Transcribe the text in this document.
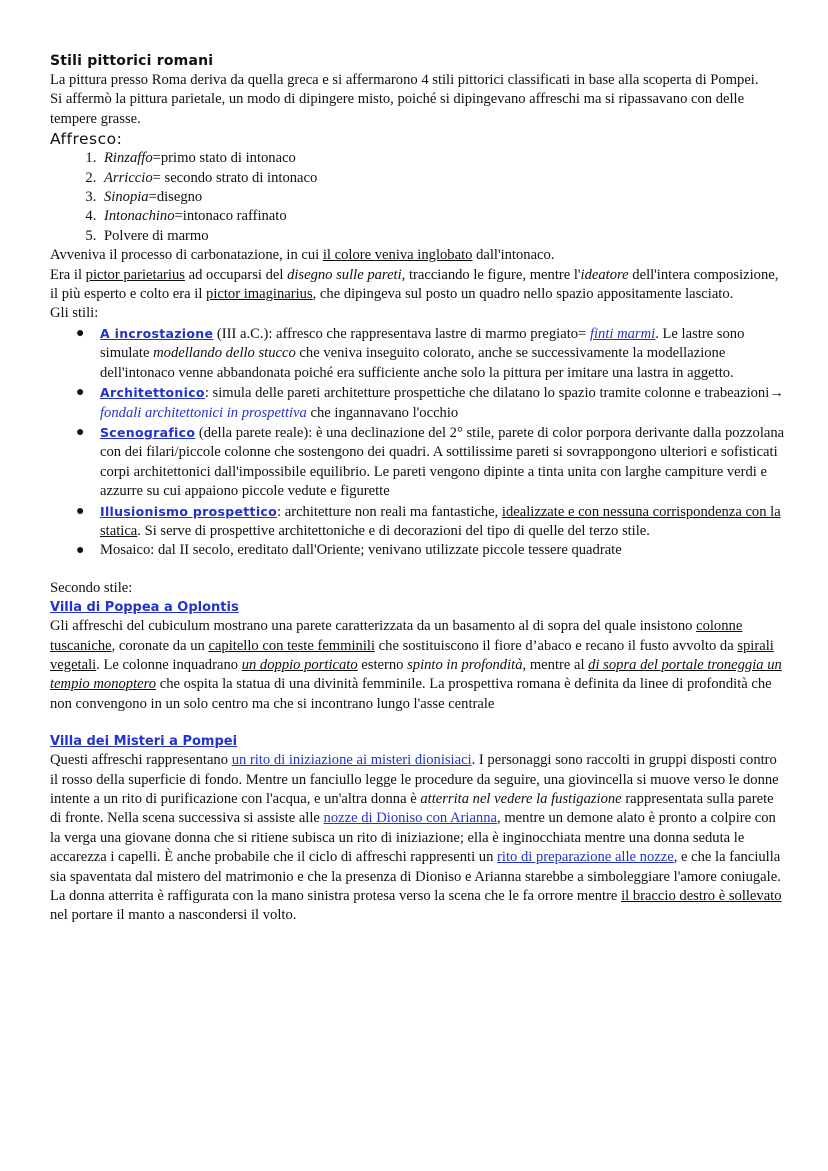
Stili pittorici romani

La pittura presso Roma deriva da quella greca e si affermarono 4 stili pittorici classificati in base alla scoperta di Pompei.

Si affermò la pittura parietale, un modo di dipingere misto, poiché si dipingevano affreschi ma si ripassavano con delle tempere grasse.

Affresco:
1. Rinzaffo=primo stato di intonaco
2. Arriccio= secondo strato di intonaco
3. Sinopia=disegno
4. Intonachino=intonaco raffinato
5. Polvere di marmo

Avveniva il processo di carbonatazione, in cui il colore veniva inglobato dall'intonaco.

Era il pictor parietarius ad occuparsi del disegno sulle pareti, tracciando le figure, mentre l'ideatore dell'intera composizione, il più esperto e colto era il pictor imaginarius, che dipingeva sul posto un quadro nello spazio appositamente lasciato.

Gli stili:

● A incrostazione (III a.C.): affresco che rappresentava lastre di marmo pregiato= finti marmi. Le lastre sono simulate modellando dello stucco che veniva inseguito colorato, anche se successivamente la modellazione dell'intonaco venne abbandonata poiché era sufficiente anche solo la pittura per imitare una lastra in aggetto.
● Architettonico: simula delle pareti architetture prospettiche che dilatano lo spazio tramite colonne e trabeazioni→ fondali architettonici in prospettiva che ingannavano l'occhio
● Scenografico (della parete reale): è una declinazione del 2° stile, parete di color porpora derivante dalla pozzolana con dei filari/piccole colonne che sostengono dei quadri. A sottilissime pareti si sovrappongono ulteriori e sofisticati corpi architettonici dall'impossibile equilibrio. Le pareti vengono dipinte a tinta unita con larghe campiture verdi e azzurre su cui appaiono piccole vedute e figurette
● Illusionismo prospettico: architetture non reali ma fantastiche, idealizzate e con nessuna corrispondenza con la statica. Si serve di prospettive architettoniche e di decorazioni del tipo di quelle del terzo stile.
● Mosaico: dal II secolo, ereditato dall'Oriente; venivano utilizzate piccole tessere quadrate

Secondo stile:

Villa di Poppea a Oplontis

Gli affreschi del cubiculum mostrano una parete caratterizzata da un basamento al di sopra del quale insistono colonne tuscaniche, coronate da un capitello con teste femminili che sostituiscono il fiore d’abaco e recano il fusto avvolto da spirali vegetali. Le colonne inquadrano un doppio porticato esterno spinto in profondità, mentre al di sopra del portale troneggia un tempio monoptero che ospita la statua di una divinità femminile. La prospettiva romana è definita da linee di profondità che non convengono in un solo centro ma che si incontrano lungo l'asse centrale

Villa dei Misteri a Pompei

Questi affreschi rappresentano un rito di iniziazione ai misteri dionisiaci. I personaggi sono raccolti in gruppi disposti contro il rosso della superficie di fondo. Mentre un fanciullo legge le procedure da seguire, una giovincella si muove verso le donne intente a un rito di purificazione con l'acqua, e un'altra donna è atterrita nel vedere la fustigazione rappresentata sulla parete di fronte. Nella scena successiva si assiste alle nozze di Dioniso con Arianna, mentre un demone alato è pronto a colpire con la verga una giovane donna che si ritiene subisca un rito di iniziazione; ella è inginocchiata mentre una donna seduta le accarezza i capelli. È anche probabile che il ciclo di affreschi rappresenti un rito di preparazione alle nozze, e che la fanciulla sia spaventata dal mistero del matrimonio e che la presenza di Dioniso e Arianna starebbe a simboleggiare l'amore coniugale. La donna atterrita è raffigurata con la mano sinistra protesa verso la scena che le fa orrore mentre il braccio destro è sollevato nel portare il manto a nascondersi il volto.
